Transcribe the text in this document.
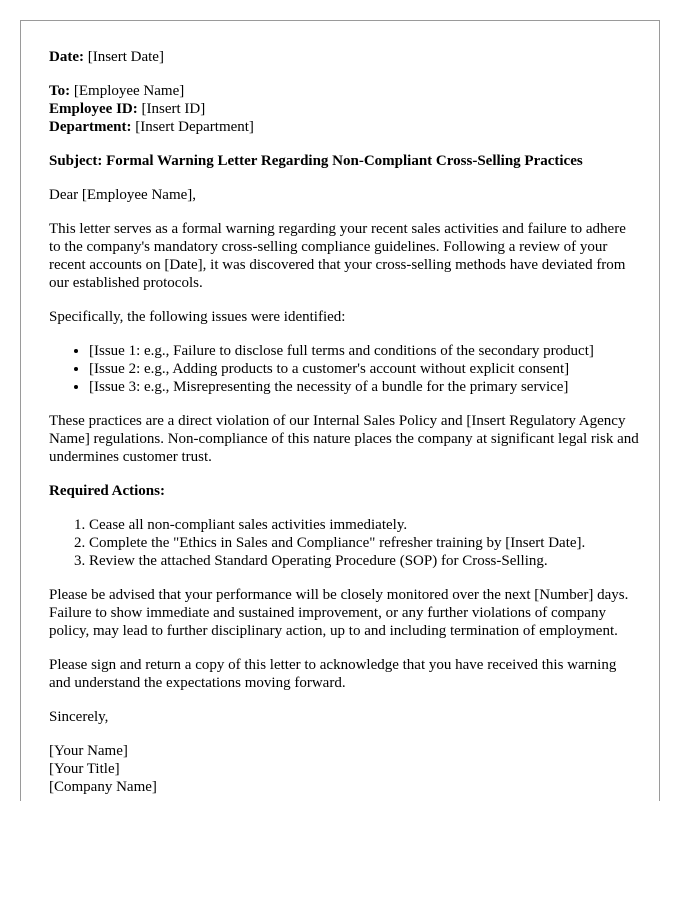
Date: [Insert Date]
To: [Employee Name]
Employee ID: [Insert ID]
Department: [Insert Department]

Subject: Formal Warning Letter Regarding Non-Compliant Cross-Selling Practices

Dear [Employee Name],

This letter serves as a formal warning regarding your recent sales activities and failure to adhere to the company's mandatory cross-selling compliance guidelines. Following a review of your recent accounts on [Date], it was discovered that your cross-selling methods have deviated from our established protocols.

Specifically, the following issues were identified:

• [Issue 1: e.g., Failure to disclose full terms and conditions of the secondary product]
• [Issue 2: e.g., Adding products to a customer's account without explicit consent]
• [Issue 3: e.g., Misrepresenting the necessity of a bundle for the primary service]

These practices are a direct violation of our Internal Sales Policy and [Insert Regulatory Agency Name] regulations. Non-compliance of this nature places the company at significant legal risk and undermines customer trust.

Required Actions:

1. Cease all non-compliant sales activities immediately.
2. Complete the "Ethics in Sales and Compliance" refresher training by [Insert Date].
3. Review the attached Standard Operating Procedure (SOP) for Cross-Selling.

Please be advised that your performance will be closely monitored over the next [Number] days. Failure to show immediate and sustained improvement, or any further violations of company policy, may lead to further disciplinary action, up to and including termination of employment.

Please sign and return a copy of this letter to acknowledge that you have received this warning and understand the expectations moving forward.

Sincerely,

[Your Name]
[Your Title]
[Company Name]
